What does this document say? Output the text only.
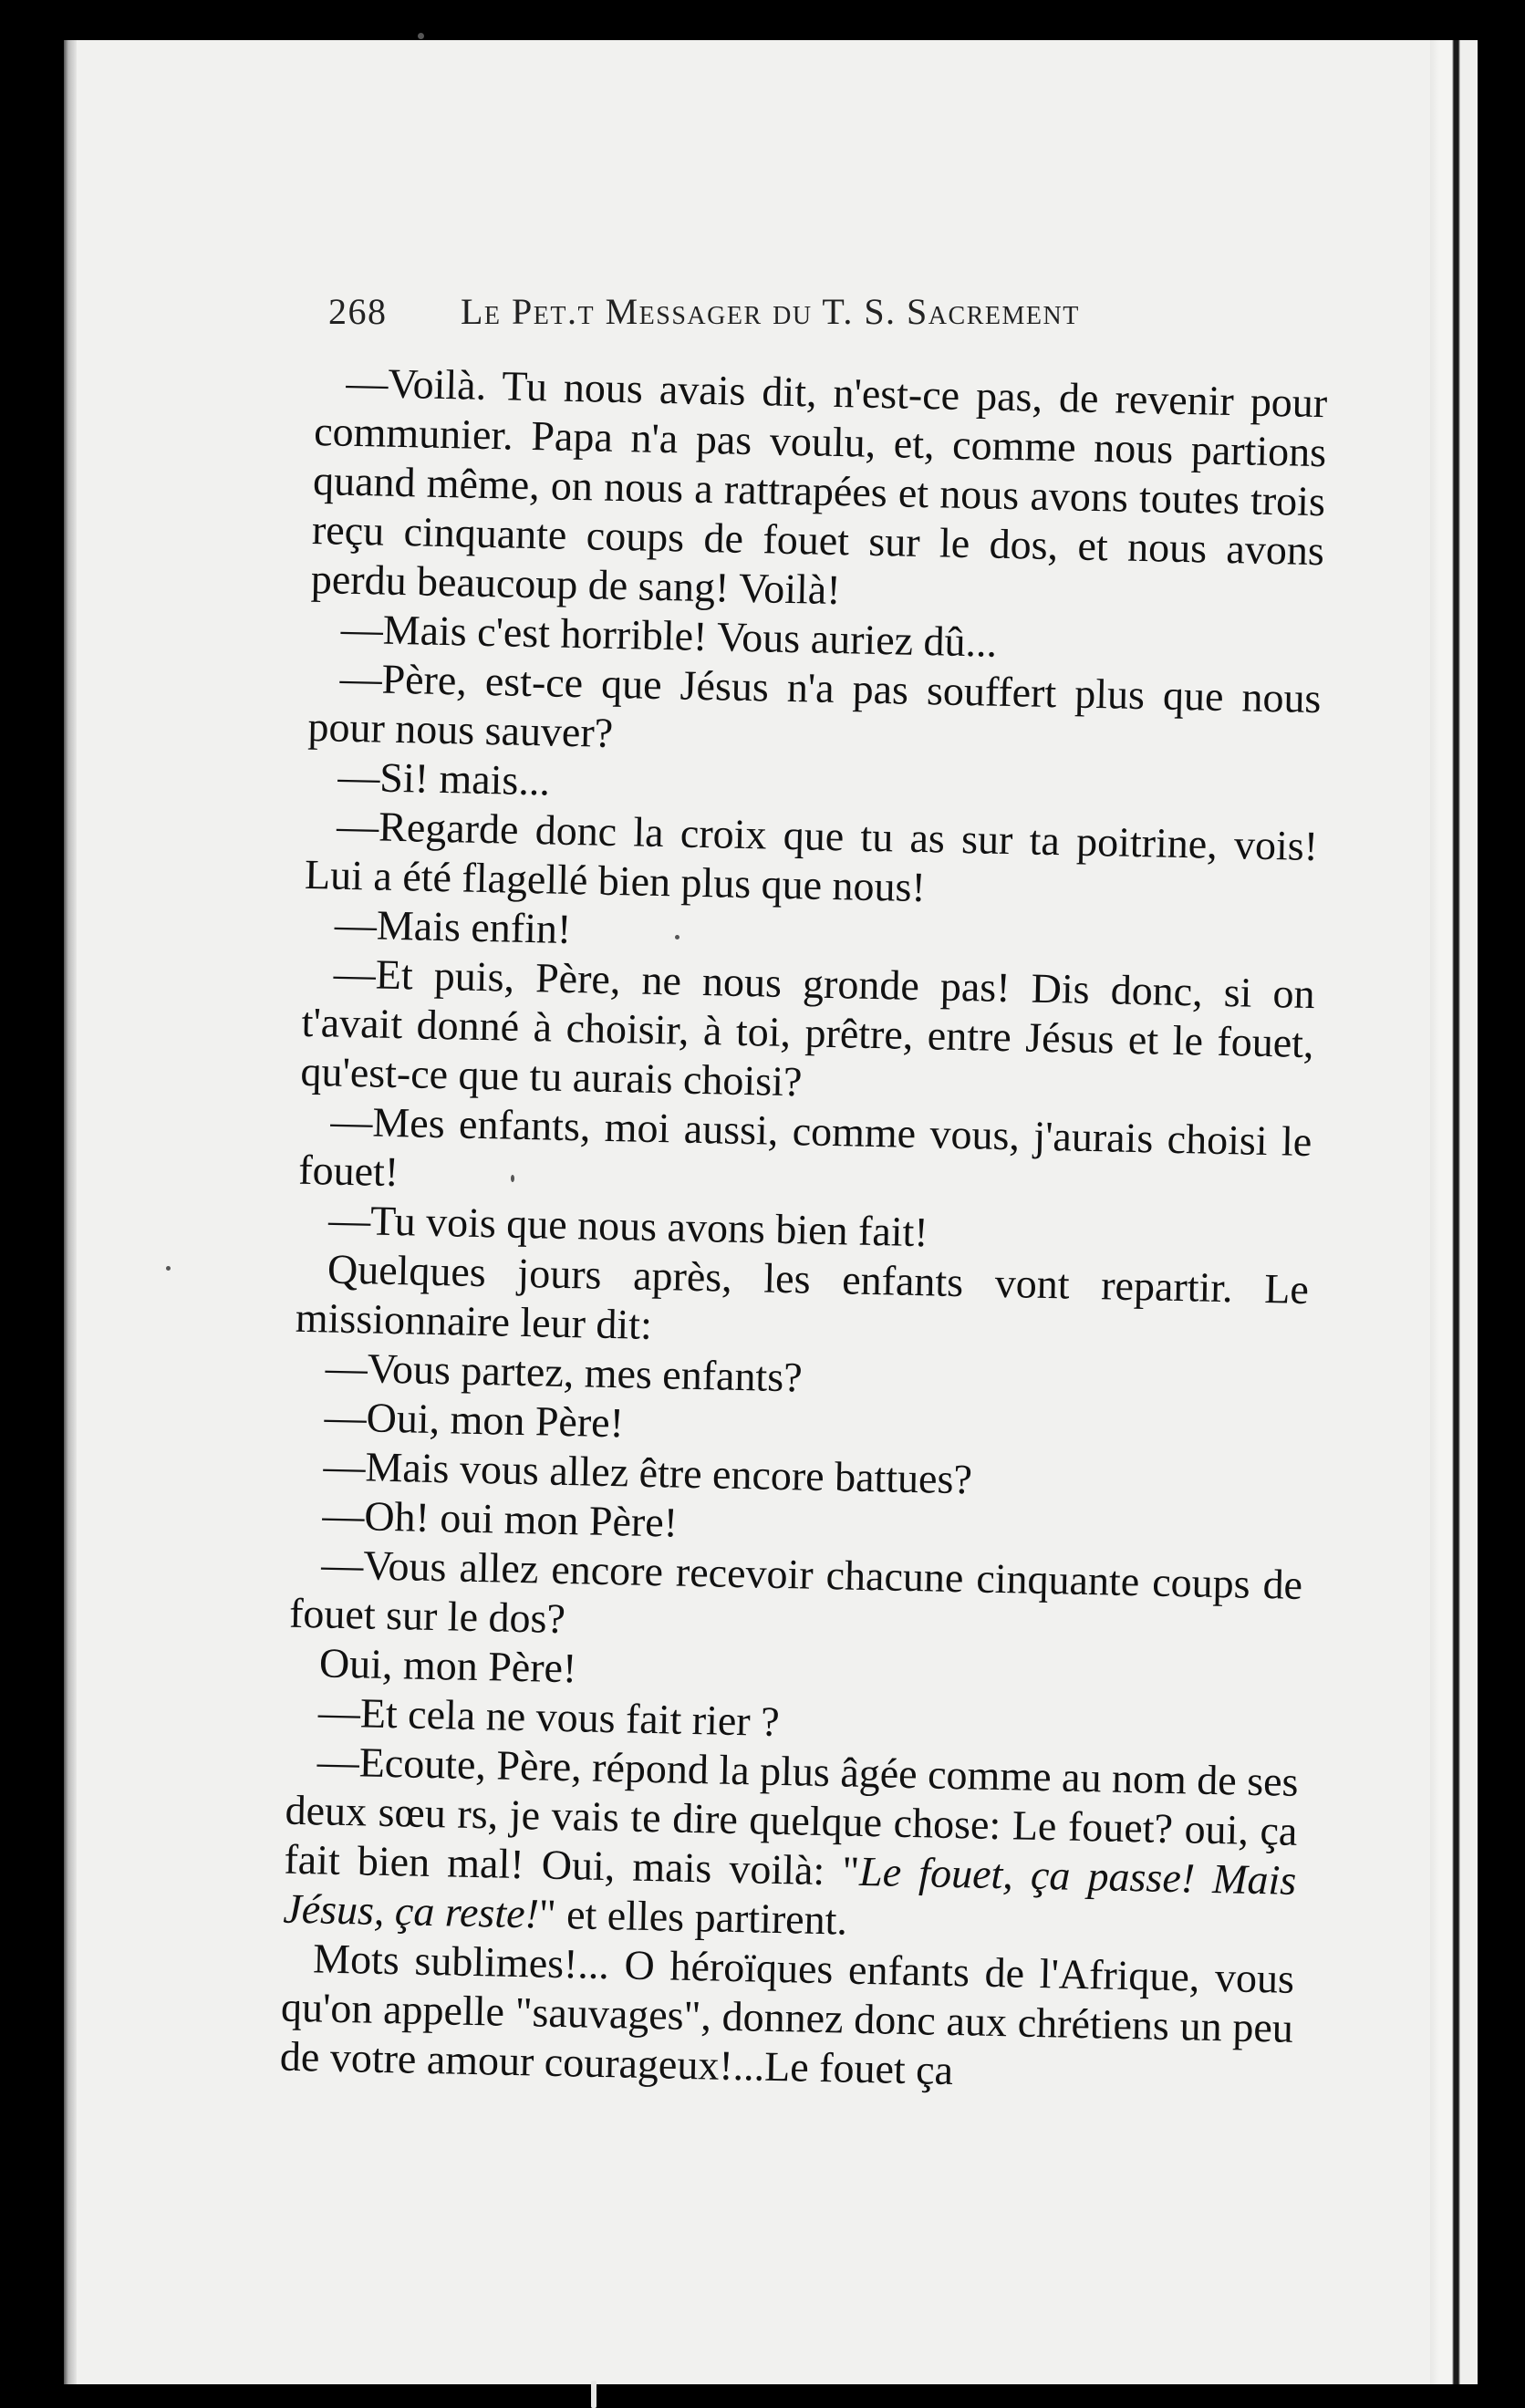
268 Le Pet.t Messager du T. S. Sacrement

—Voilà. Tu nous avais dit, n'est-ce pas, de revenir pour communier. Papa n'a pas voulu, et, comme nous partions quand même, on nous a rattrapées et nous avons toutes trois reçu cinquante coups de fouet sur le dos, et nous avons perdu beaucoup de sang! Voilà!

—Mais c'est horrible! Vous auriez dû...

—Père, est-ce que Jésus n'a pas souffert plus que nous pour nous sauver?

—Si! mais...

—Regarde donc la croix que tu as sur ta poitrine, vois! Lui a été flagellé bien plus que nous!

—Mais enfin!

—Et puis, Père, ne nous gronde pas! Dis donc, si on t'avait donné à choisir, à toi, prêtre, entre Jésus et le fouet, qu'est-ce que tu aurais choisi?

—Mes enfants, moi aussi, comme vous, j'aurais choisi le fouet!

—Tu vois que nous avons bien fait!

Quelques jours après, les enfants vont repartir. Le missionnaire leur dit:

—Vous partez, mes enfants?

—Oui, mon Père!

—Mais vous allez être encore battues?

—Oh! oui mon Père!

—Vous allez encore recevoir chacune cinquante coups de fouet sur le dos?

Oui, mon Père!

—Et cela ne vous fait rier ?

—Ecoute, Père, répond la plus âgée comme au nom de ses deux sœu rs, je vais te dire quelque chose: Le fouet? oui, ça fait bien mal! Oui, mais voilà: "Le fouet, ça passe! Mais Jésus, ça reste!" et elles partirent.

Mots sublimes!... O héroïques enfants de l'Afrique, vous qu'on appelle "sauvages", donnez donc aux chrétiens un peu de votre amour courageux!...Le fouet ça
